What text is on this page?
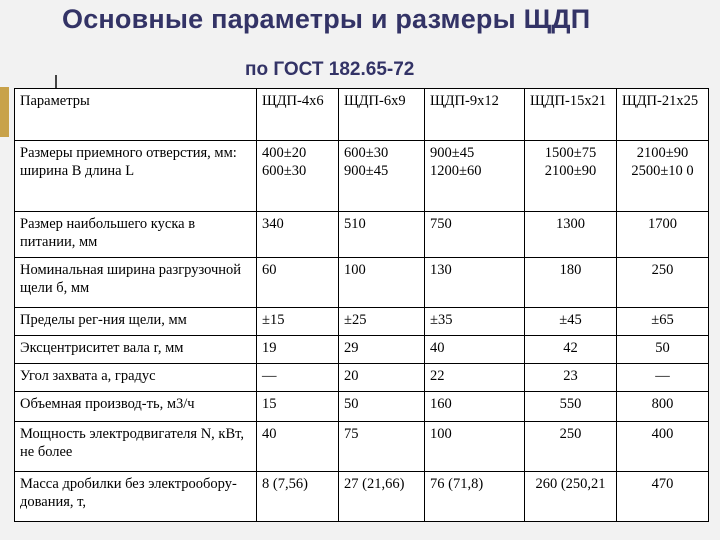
Основные параметры и размеры ЩДП
по ГОСТ 182.65-72
Параметры	ЩДП-4х6	ЩДП-6х9	ЩДП-9х12	ЩДП-15х21	ЩДП-21х25
Размеры приемного отверстия, мм: ширина B длина L	400±20 600±30	600±30 900±45	900±45 1200±60	1500±75 2100±90	2100±90 2500±10 0
Размер наибольшего куска в питании, мм	340	510	750	1300	1700
Номинальная ширина разгрузочной щели б, мм	60	100	130	180	250
Пределы рег-ния щели, мм	±15	±25	±35	±45	±65
Эксцентриситет вала r, мм	19	29	40	42	50
Угол захвата a, градус	—	20	22	23	—
Объемная производ-ть, м3/ч	15	50	160	550	800
Мощность электродвигателя N, кВт, не более	40	75	100	250	400
Масса дробилки без электрообору-дования, т,	8 (7,56)	27 (21,66)	76 (71,8)	260 (250,21	470
